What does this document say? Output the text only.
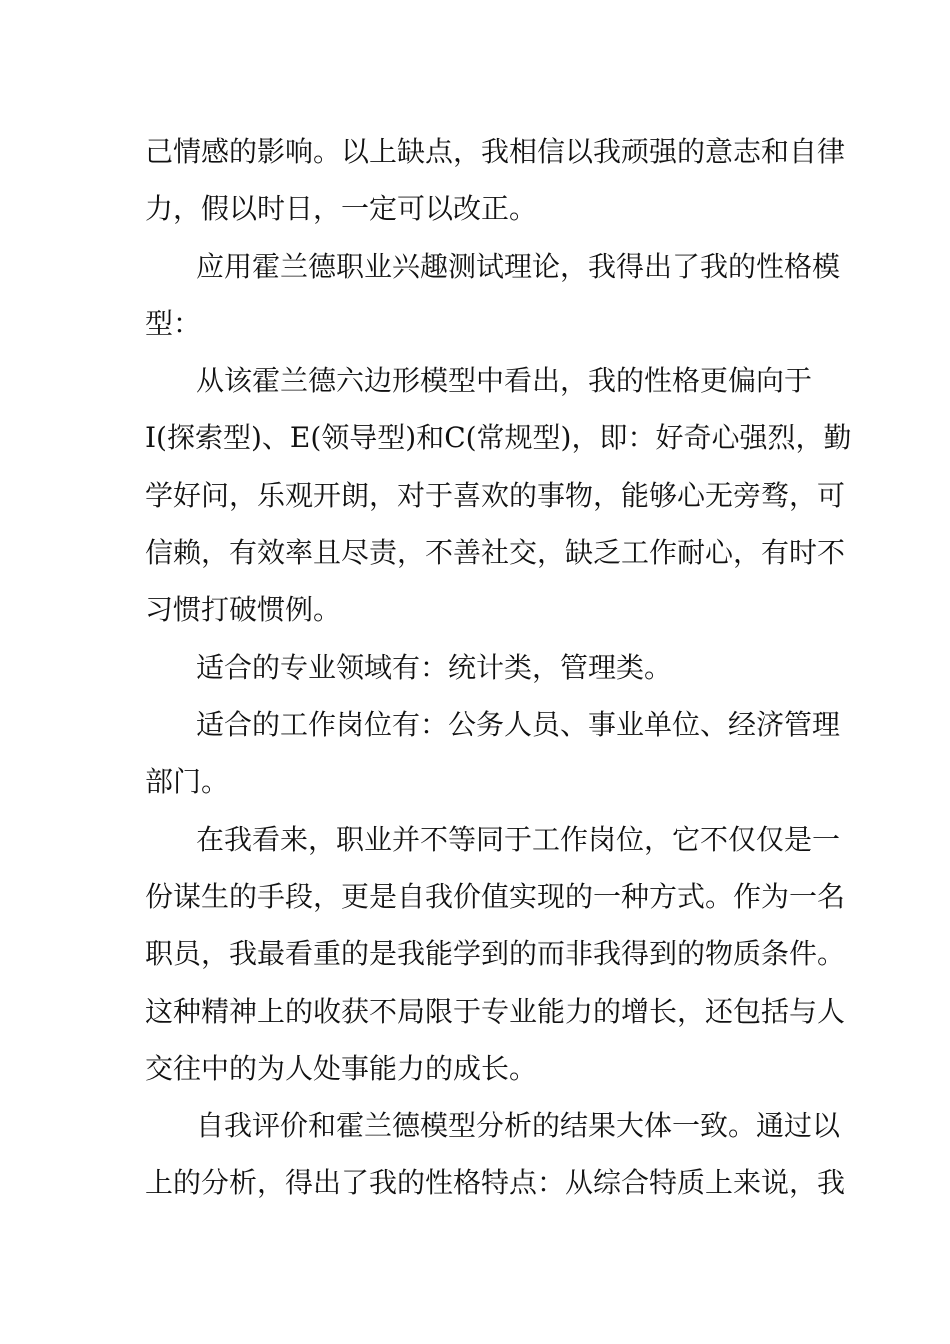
己情感的影响。以上缺点，我相信以我顽强的意志和自律
力，假以时日，一定可以改正。
应用霍兰德职业兴趣测试理论，我得出了我的性格模
型：
从该霍兰德六边形模型中看出，我的性格更偏向于
I(探索型)、E(领导型)和C(常规型)，即：好奇心强烈，勤
学好问，乐观开朗，对于喜欢的事物，能够心无旁骛，可
信赖，有效率且尽责，不善社交，缺乏工作耐心，有时不
习惯打破惯例。
适合的专业领域有：统计类，管理类。
适合的工作岗位有：公务人员、事业单位、经济管理
部门。
在我看来，职业并不等同于工作岗位，它不仅仅是一
份谋生的手段，更是自我价值实现的一种方式。作为一名
职员，我最看重的是我能学到的而非我得到的物质条件。
这种精神上的收获不局限于专业能力的增长，还包括与人
交往中的为人处事能力的成长。
自我评价和霍兰德模型分析的结果大体一致。通过以
上的分析，得出了我的性格特点：从综合特质上来说，我
